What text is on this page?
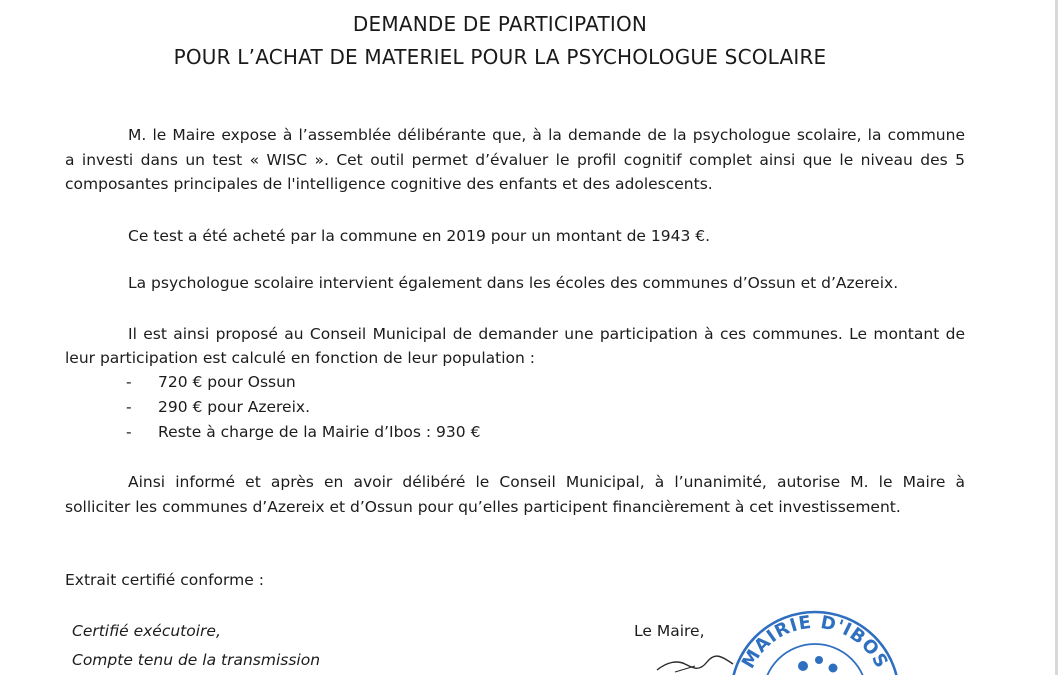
DEMANDE DE PARTICIPATION
POUR L’ACHAT DE MATERIEL POUR LA PSYCHOLOGUE SCOLAIRE
M. le Maire expose à l’assemblée délibérante que, à la demande de la psychologue scolaire, la commune
a investi dans un test « WISC ». Cet outil permet d’évaluer le profil cognitif complet ainsi que le niveau des 5
composantes principales de l'intelligence cognitive des enfants et des adolescents.
Ce test a été acheté par la commune en 2019 pour un montant de 1943 €.
La psychologue scolaire intervient également dans les écoles des communes d’Ossun et d’Azereix.
Il est ainsi proposé au Conseil Municipal de demander une participation à ces communes. Le montant de
leur participation est calculé en fonction de leur population :
- 720 € pour Ossun
- 290 € pour Azereix.
- Reste à charge de la Mairie d’Ibos : 930 €
Ainsi informé et après en avoir délibéré le Conseil Municipal, à l’unanimité, autorise M. le Maire à
solliciter les communes d’Azereix et d’Ossun pour qu’elles participent financièrement à cet investissement.
Extrait certifié conforme :
Certifié exécutoire,
Compte tenu de la transmission
Le Maire,
MAIRIE D'IBOS
